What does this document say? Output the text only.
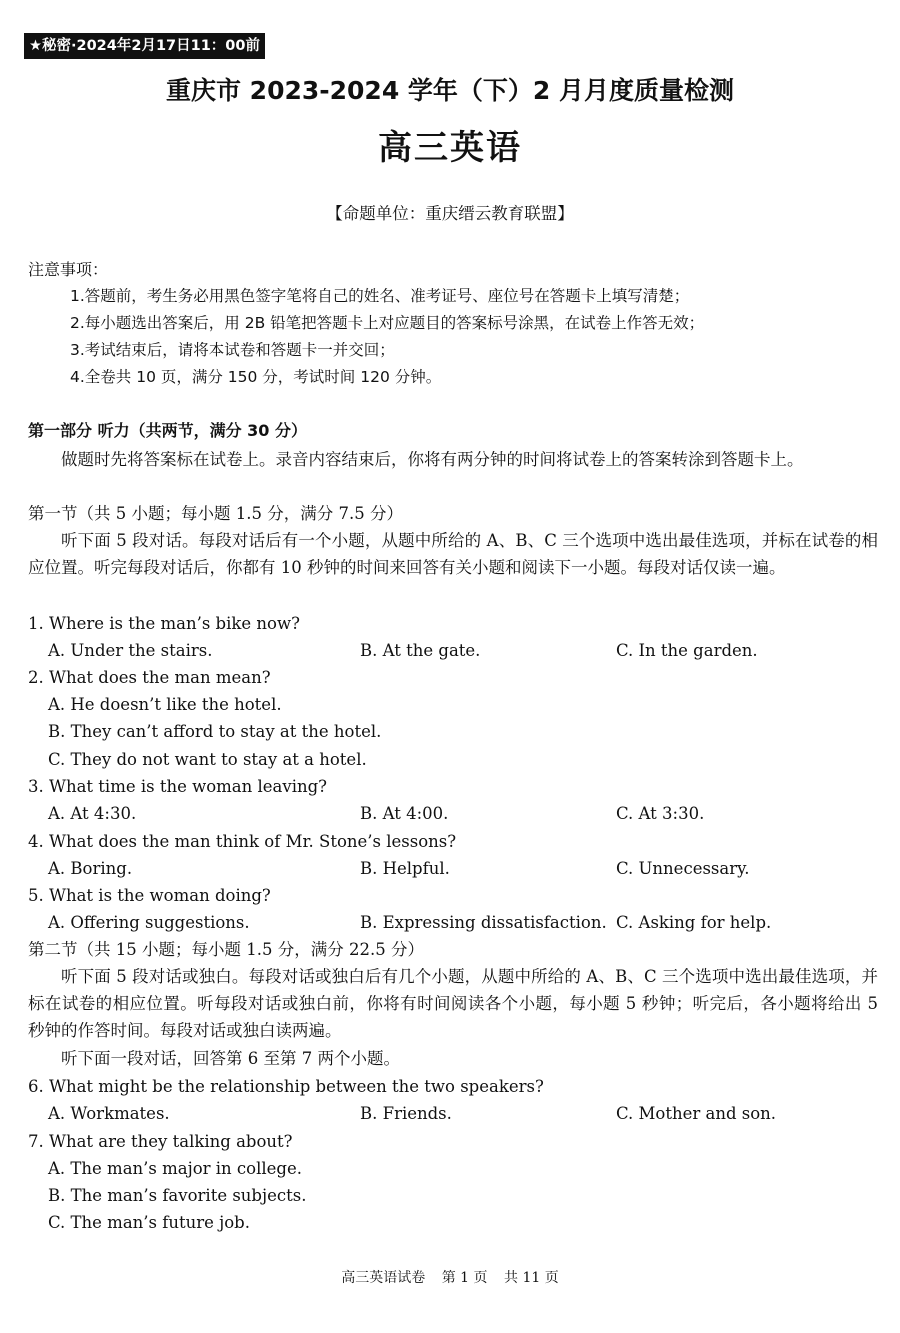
★秘密·2024年2月17日11：00前
重庆市 2023-2024 学年（下）2 月月度质量检测
高三英语
【命题单位：重庆缙云教育联盟】
注意事项：
1.答题前，考生务必用黑色签字笔将自己的姓名、准考证号、座位号在答题卡上填写清楚；
2.每小题选出答案后，用 2B 铅笔把答题卡上对应题目的答案标号涂黑，在试卷上作答无效；
3.考试结束后，请将本试卷和答题卡一并交回；
4.全卷共 10 页，满分 150 分，考试时间 120 分钟。
第一部分 听力（共两节，满分 30 分）
做题时先将答案标在试卷上。录音内容结束后，你将有两分钟的时间将试卷上的答案转涂到答题卡上。
第一节（共 5 小题；每小题 1.5 分，满分 7.5 分）
听下面 5 段对话。每段对话后有一个小题，从题中所给的 A、B、C 三个选项中选出最佳选项，并标在试卷的相应位置。听完每段对话后，你都有 10 秒钟的时间来回答有关小题和阅读下一小题。每段对话仅读一遍。
1. Where is the man’s bike now?
A. Under the stairs.	B. At the gate.	C. In the garden.
2. What does the man mean?
A. He doesn’t like the hotel.
B. They can’t afford to stay at the hotel.
C. They do not want to stay at a hotel.
3. What time is the woman leaving?
A. At 4:30.	B. At 4:00.	C. At 3:30.
4. What does the man think of Mr. Stone’s lessons?
A. Boring.	B. Helpful.	C. Unnecessary.
5. What is the woman doing?
A. Offering suggestions.	B. Expressing dissatisfaction. C. Asking for help.
第二节（共 15 小题；每小题 1.5 分，满分 22.5 分）
听下面 5 段对话或独白。每段对话或独白后有几个小题，从题中所给的 A、B、C 三个选项中选出最佳选项，并标在试卷的相应位置。听每段对话或独白前，你将有时间阅读各个小题，每小题 5 秒钟；听完后，各小题将给出 5 秒钟的作答时间。每段对话或独白读两遍。
听下面一段对话，回答第 6 至第 7 两个小题。
6. What might be the relationship between the two speakers?
A. Workmates.	B. Friends.	C. Mother and son.
7. What are they talking about?
A. The man’s major in college.
B. The man’s favorite subjects.
C. The man’s future job.
高三英语试卷 第 1 页 共 11 页
